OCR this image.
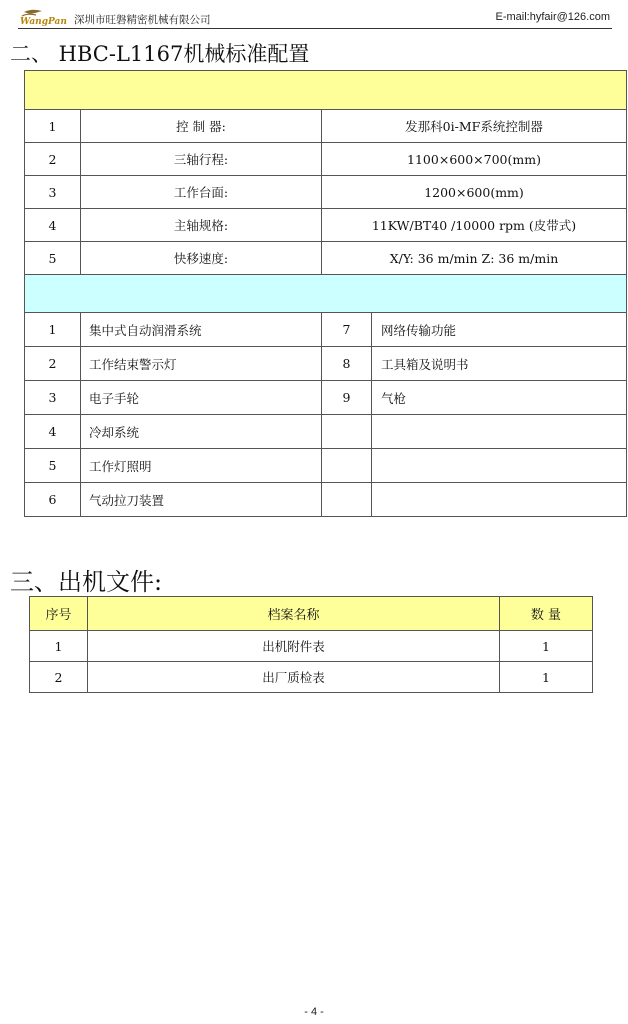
WangPan 深圳市旺磐精密机械有限公司	E-mail:hyfair@126.com
二、 HBC-L1167机械标准配置

1	控 制 器:	发那科0i-MF系统控制器	
2	三轴行程:	1100×600×700(mm)	
3	工作台面:	1200×600(mm)	
4	主轴规格:	11KW/BT40 /10000 rpm (皮带式)	
5	快移速度:	X/Y: 36 m/min Z: 36 m/min	

1	集中式自动润滑系统	7	网络传输功能
2	工作结束警示灯	8	工具箱及说明书
3	电子手轮	9	气枪
4	冷却系统		
5	工作灯照明		
6	气动拉刀装置		
三、出机文件:
序号	档案名称	数 量
1	出机附件表	1
2	出厂质检表	1
- 4 -
